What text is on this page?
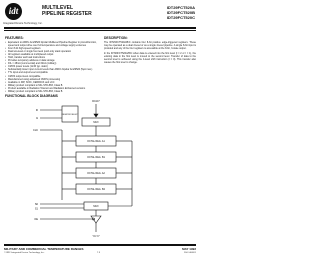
idt
Integrated Device Technology, Inc.
MULTILEVEL
PIPELINE REGISTER
IDT29FCT520A
IDT29FCT520B
IDT29FCT520C
FEATURES:
• Equivalent to AMD's Am29520 bipolar Multilevel Pipeline Register in pinout/function, speed and output drive over full temperature and voltage supply extremes
• Four 8-bit high-speed registers
• Dual two-level or single four-level push-only stack operation
• All registers available at multiplexed output
• Hold, transfer and load instructions
• Provides temporary address or data storage
• IOL = 48mA (commercial) and 32mA (military)
• CMOS power levels (1mW typ. static)
• Substantially lower input current levels than AMD's bipolar Am29520 (5μA max.)
• TTL input and output level compatible
• CMOS output level compatible
• Manufactured using advanced CMOS processing
• Available in DIP, SOIC, CERPACK and LCC
• Military product compliant to MIL-STD-883, Class B
• Product available in Radiation Tolerant and Radiation Enhanced versions
• Military product compliant to MIL-STD-883, Class B
DESCRIPTION:

The IDT29FCT520A/B/C contains four 8-bit positive edge-triggered registers. These may be operated as a dual 2-level or as a single 4-level pipeline. A single 8-bit input is provided and any of the four registers is accessible at the 8-bit, 3-state output.

In the IDT29FCT520A/B/C when data is entered into the first level (I = 2 or I = 1), the existing data in the first level is moved to the second level. Transfer of data to the second level is achieved using the 4-level shift instruction (I = 0). This transfer also causes the first level to change.

FUNCTIONAL BLOCK DIAGRAMS
D0-D7
MUX
REGISTER SELECT
OCTAL REG. A1
OCTAL REG. B1
OCTAL REG. A2
OCTAL REG. B2
MUX
Y0-Y7
I0
I1
CLK
S0
S1
OE
MILITARY AND COMMERCIAL TEMPERATURE RANGES	MAY 1992
©1992 Integrated Device Technology, Inc.	7.3	DSC-4660/1
